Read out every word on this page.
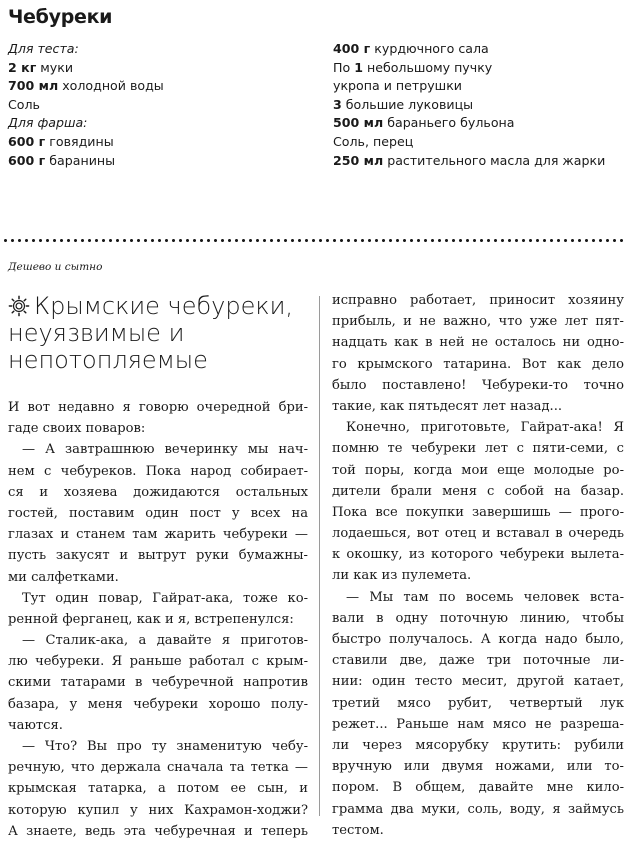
Чебуреки
Для теста:
2 кг муки
700 мл холодной воды
Соль
Для фарша:
600 г говядины
600 г баранины
400 г курдючного сала
По 1 небольшому пучку
укропа и петрушки
3 большие луковицы
500 мл бараньего бульона
Соль, перец
250 мл растительного масла для жарки
Дешево и сытно
Крымские чебуреки, неуязвимые и непотопляемые
И вот недавно я говорю очередной бри-
гаде своих поваров:
— А завтрашнюю вечеринку мы нач-
нем с чебуреков. Пока народ собирает-
ся и хозяева дожидаются остальных
гостей, поставим один пост у всех на
глазах и станем там жарить чебуреки —
пусть закусят и вытрут руки бумажны-
ми салфетками.
Тут один повар, Гайрат-ака, тоже ко-
ренной ферганец, как и я, встрепенулся:
— Сталик-ака, а давайте я приготов-
лю чебуреки. Я раньше работал с крым-
скими татарами в чебуречной напротив
базара, у меня чебуреки хорошо полу-
чаются.
— Что? Вы про ту знаменитую чебу-
речную, что держала сначала та тетка —
крымская татарка, а потом ее сын, и
которую купил у них Кахрамон-ходжи?
А знаете, ведь эта чебуречная и теперь
исправно работает, приносит хозяину
прибыль, и не важно, что уже лет пят-
надцать как в ней не осталось ни одно-
го крымского татарина. Вот как дело
было поставлено! Чебуреки-то точно
такие, как пятьдесят лет назад...
Конечно, приготовьте, Гайрат-ака! Я
помню те чебуреки лет с пяти-семи, с
той поры, когда мои еще молодые ро-
дители брали меня с собой на базар.
Пока все покупки завершишь — прого-
лодаешься, вот отец и вставал в очередь
к окошку, из которого чебуреки вылета-
ли как из пулемета.
— Мы там по восемь человек вста-
вали в одну поточную линию, чтобы
быстро получалось. А когда надо было,
ставили две, даже три поточные ли-
нии: один тесто месит, другой катает,
третий мясо рубит, четвертый лук
режет... Раньше нам мясо не разреша-
ли через мясорубку крутить: рубили
вручную или двумя ножами, или то-
пором. В общем, давайте мне кило-
грамма два муки, соль, воду, я займусь
тестом.
